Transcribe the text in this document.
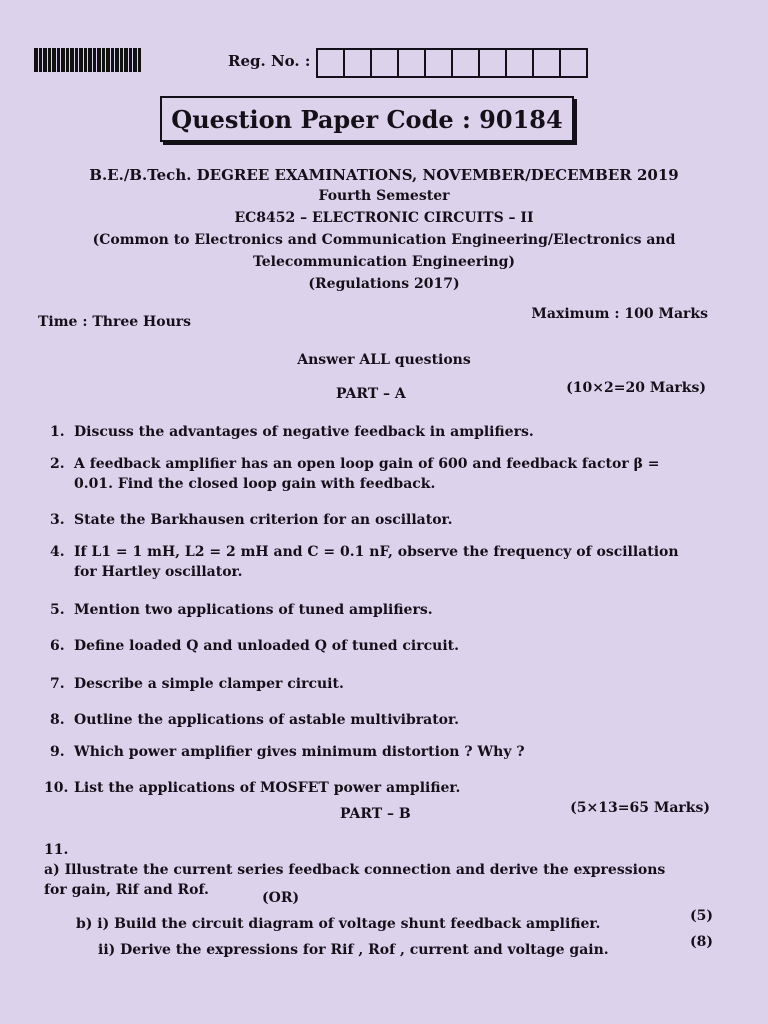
Reg. No. :
Question Paper Code : 90184
B.E./B.Tech. DEGREE EXAMINATIONS, NOVEMBER/DECEMBER 2019
Fourth Semester
EC8452 – ELECTRONIC CIRCUITS – II
(Common to Electronics and Communication Engineering/Electronics and
Telecommunication Engineering)
(Regulations 2017)
Time : Three Hours	Maximum : 100 Marks
Answer ALL questions
PART – A	(10×2=20 Marks)
1. Discuss the advantages of negative feedback in amplifiers.
2. A feedback amplifier has an open loop gain of 600 and feedback factor β = 0.01. Find the closed loop gain with feedback.
3. State the Barkhausen criterion for an oscillator.
4. If L1 = 1 mH, L2 = 2 mH and C = 0.1 nF, observe the frequency of oscillation for Hartley oscillator.
5. Mention two applications of tuned amplifiers.
6. Define loaded Q and unloaded Q of tuned circuit.
7. Describe a simple clamper circuit.
8. Outline the applications of astable multivibrator.
9. Which power amplifier gives minimum distortion ? Why ?
10. List the applications of MOSFET power amplifier.
PART – B	(5×13=65 Marks)
11.a) Illustrate the current series feedback connection and derive the expressions for gain, Rif and Rof.	(OR)
b) i) Build the circuit diagram of voltage shunt feedback amplifier.	(5)
ii) Derive the expressions for Rif , Rof , current and voltage gain.	(8)
